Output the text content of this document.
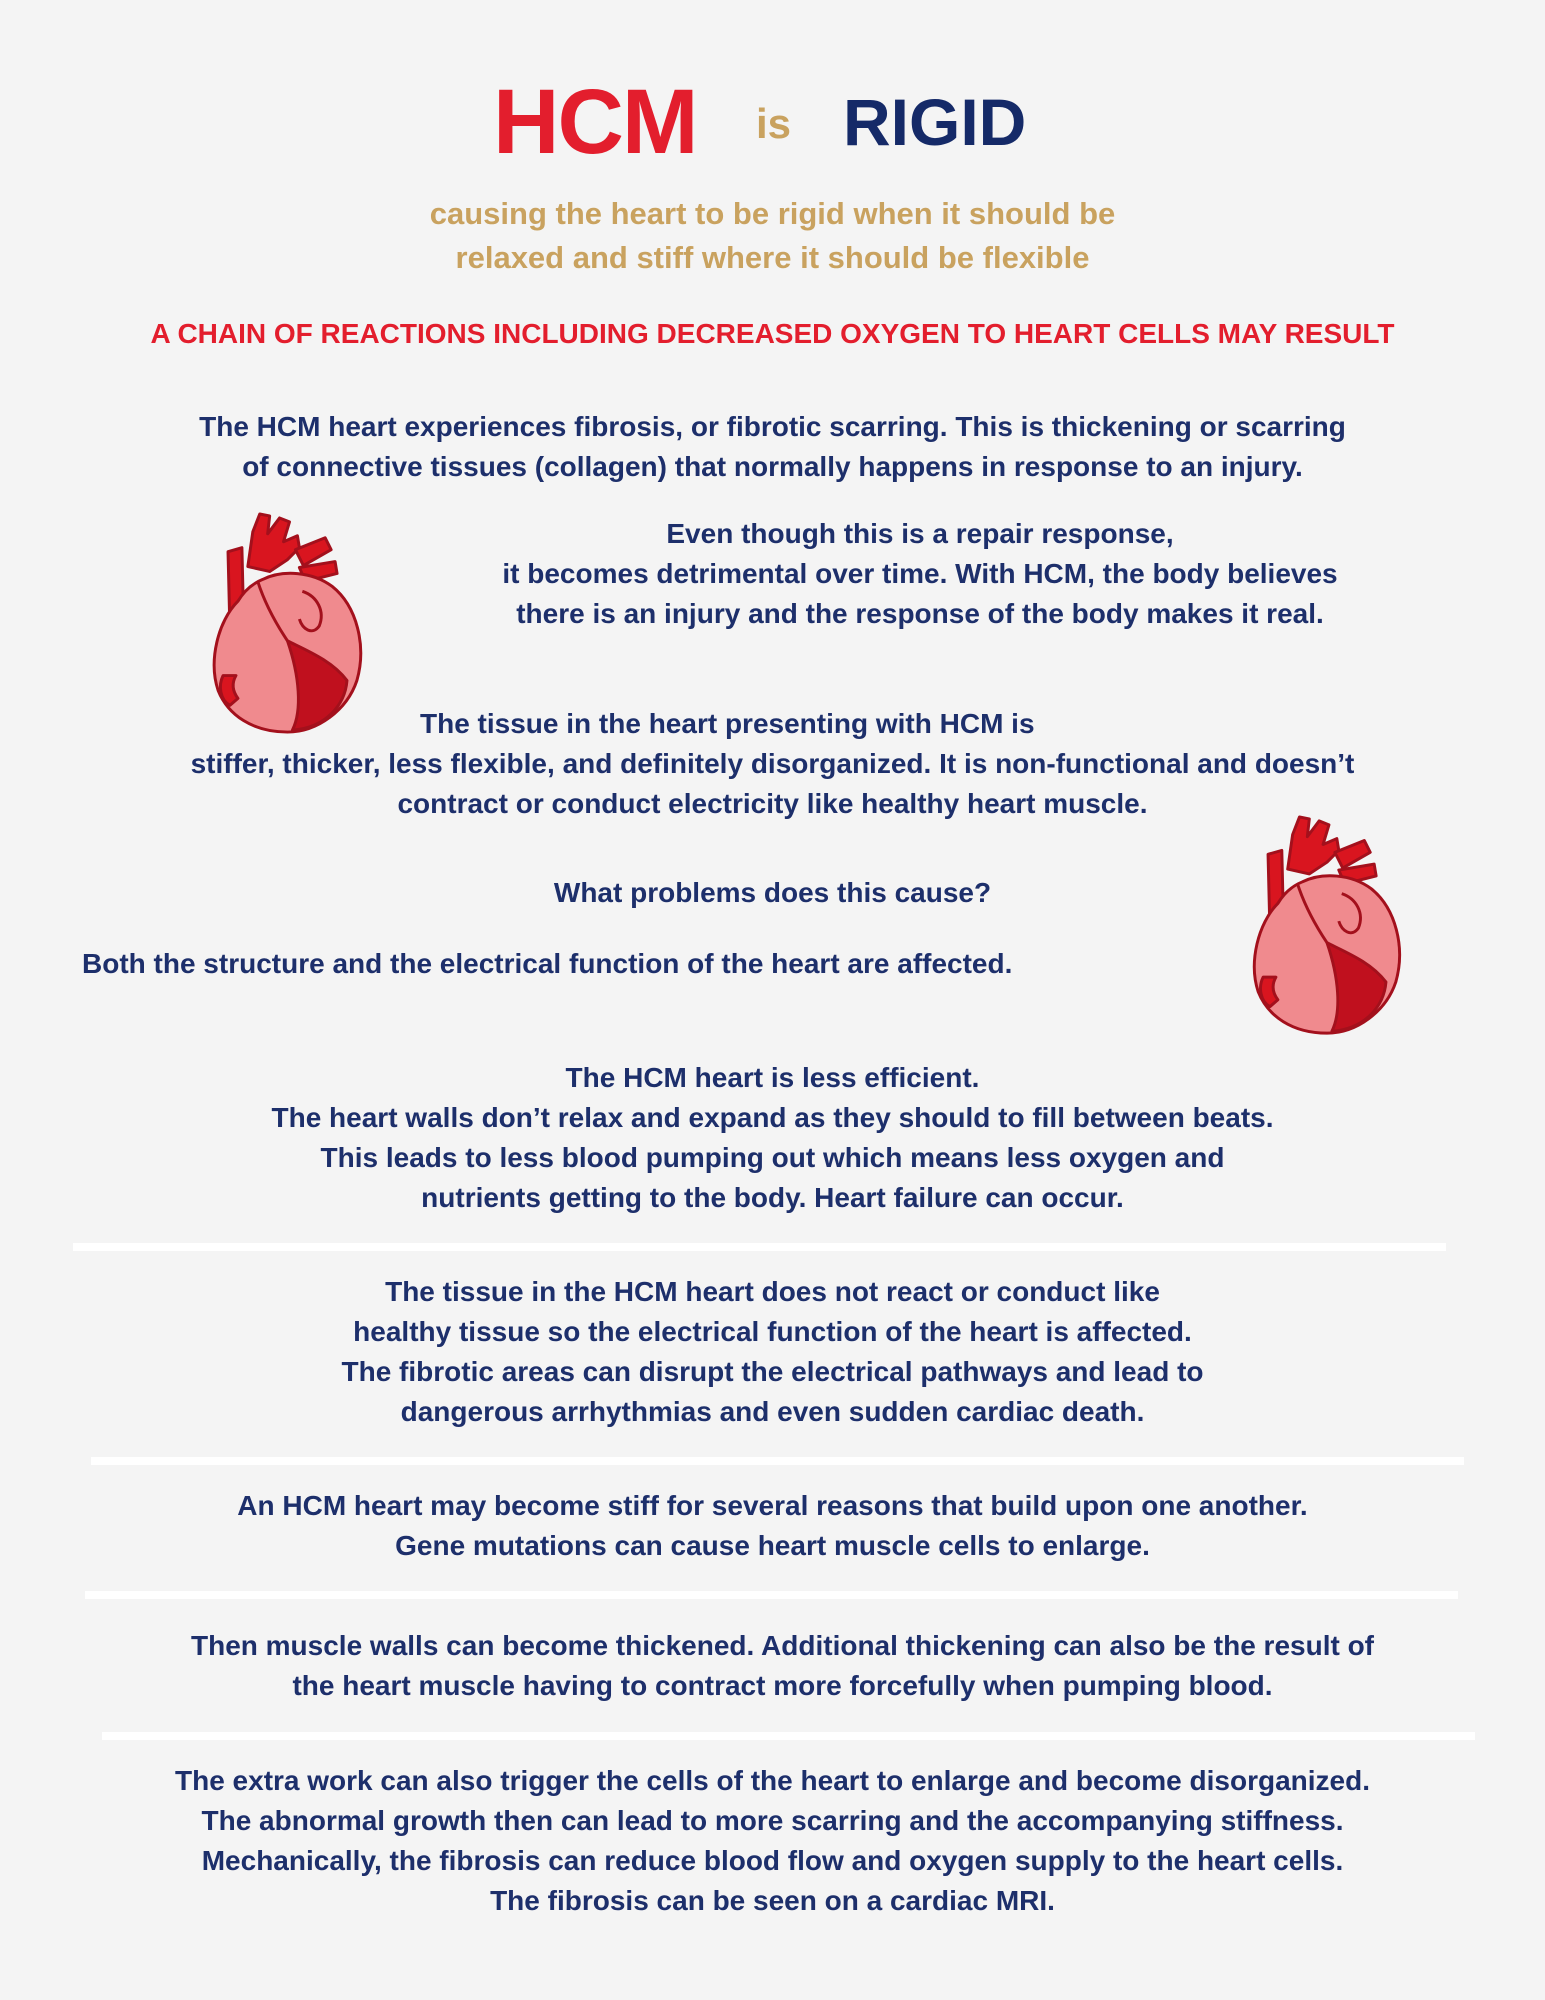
HCM is RIGID
causing the heart to be rigid when it should be
relaxed and stiff where it should be flexible
A CHAIN OF REACTIONS INCLUDING DECREASED OXYGEN TO HEART CELLS MAY RESULT
The HCM heart experiences fibrosis, or fibrotic scarring. This is thickening or scarring
of connective tissues (collagen) that normally happens in response to an injury.
Even though this is a repair response,
it becomes detrimental over time. With HCM, the body believes
there is an injury and the response of the body makes it real.
The tissue in the heart presenting with HCM is
stiffer, thicker, less flexible, and definitely disorganized. It is non-functional and doesn’t
contract or conduct electricity like healthy heart muscle.
What problems does this cause?
Both the structure and the electrical function of the heart are affected.
The HCM heart is less efficient.
The heart walls don’t relax and expand as they should to fill between beats.
This leads to less blood pumping out which means less oxygen and
nutrients getting to the body. Heart failure can occur.
The tissue in the HCM heart does not react or conduct like
healthy tissue so the electrical function of the heart is affected.
The fibrotic areas can disrupt the electrical pathways and lead to
dangerous arrhythmias and even sudden cardiac death.
An HCM heart may become stiff for several reasons that build upon one another.
Gene mutations can cause heart muscle cells to enlarge.
Then muscle walls can become thickened. Additional thickening can also be the result of
the heart muscle having to contract more forcefully when pumping blood.
The extra work can also trigger the cells of the heart to enlarge and become disorganized.
The abnormal growth then can lead to more scarring and the accompanying stiffness.
Mechanically, the fibrosis can reduce blood flow and oxygen supply to the heart cells.
The fibrosis can be seen on a cardiac MRI.
